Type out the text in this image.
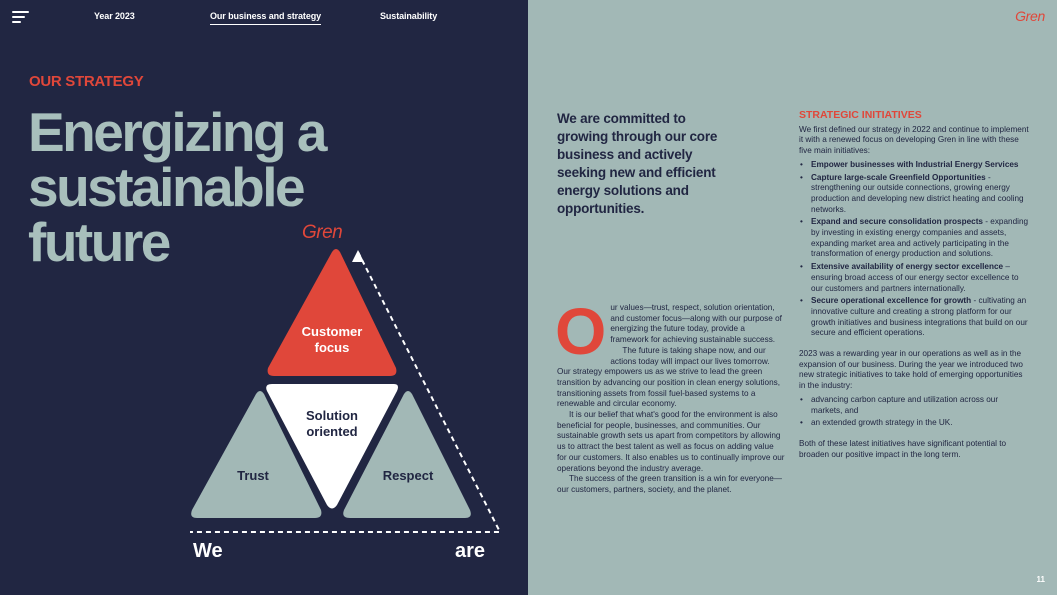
Year 2023	Our business and strategy	Sustainability
OUR STRATEGY
Energizing a
sustainable
future	Gren
Customer
focus
Solution
oriented
Trust	Respect
We	are
Gren
We are committed to
growing through our core
business and actively
seeking new and efficient
energy solutions and
opportunities.
O ur values—trust, respect, solution orientation, and customer focus—along with our purpose of energizing the future today, provide a framework for achieving sustainable success.

The future is taking shape now, and our actions today will impact our lives tomorrow. Our strategy empowers us as we strive to lead the green transition by advancing our position in clean energy solutions, transitioning assets from fossil fuel-based systems to a renewable and circular economy.

It is our belief that what's good for the environment is also beneficial for people, businesses, and communities. Our sustainable growth sets us apart from competitors by allowing us to attract the best talent as well as focus on adding value for our customers. It also enables us to continually improve our operations beyond the industry average.

The success of the green transition is a win for everyone—our customers, partners, society, and the planet.

STRATEGIC INITIATIVES

We first defined our strategy in 2022 and continue to implement it with a renewed focus on developing Gren in line with these five main initiatives:

• Empower businesses with Industrial Energy Services
• Capture large-scale Greenfield Opportunities - strengthening our outside connections, growing energy production and developing new district heating and cooling networks.
• Expand and secure consolidation prospects - expanding by investing in existing energy companies and assets, expanding market area and actively participating in the transformation of energy production and solutions.
• Extensive availability of energy sector excellence – ensuring broad access of our energy sector excellence to our customers and partners internationally.
• Secure operational excellence for growth - cultivating an innovative culture and creating a strong platform for our growth initiatives and business integrations that build on our secure and efficient operations.

2023 was a rewarding year in our operations as well as in the expansion of our business. During the year we introduced two new strategic initiatives to take hold of emerging opportunities in the industry:

• advancing carbon capture and utilization across our markets, and
• an extended growth strategy in the UK.

Both of these latest initiatives have significant potential to broaden our positive impact in the long term.

11
